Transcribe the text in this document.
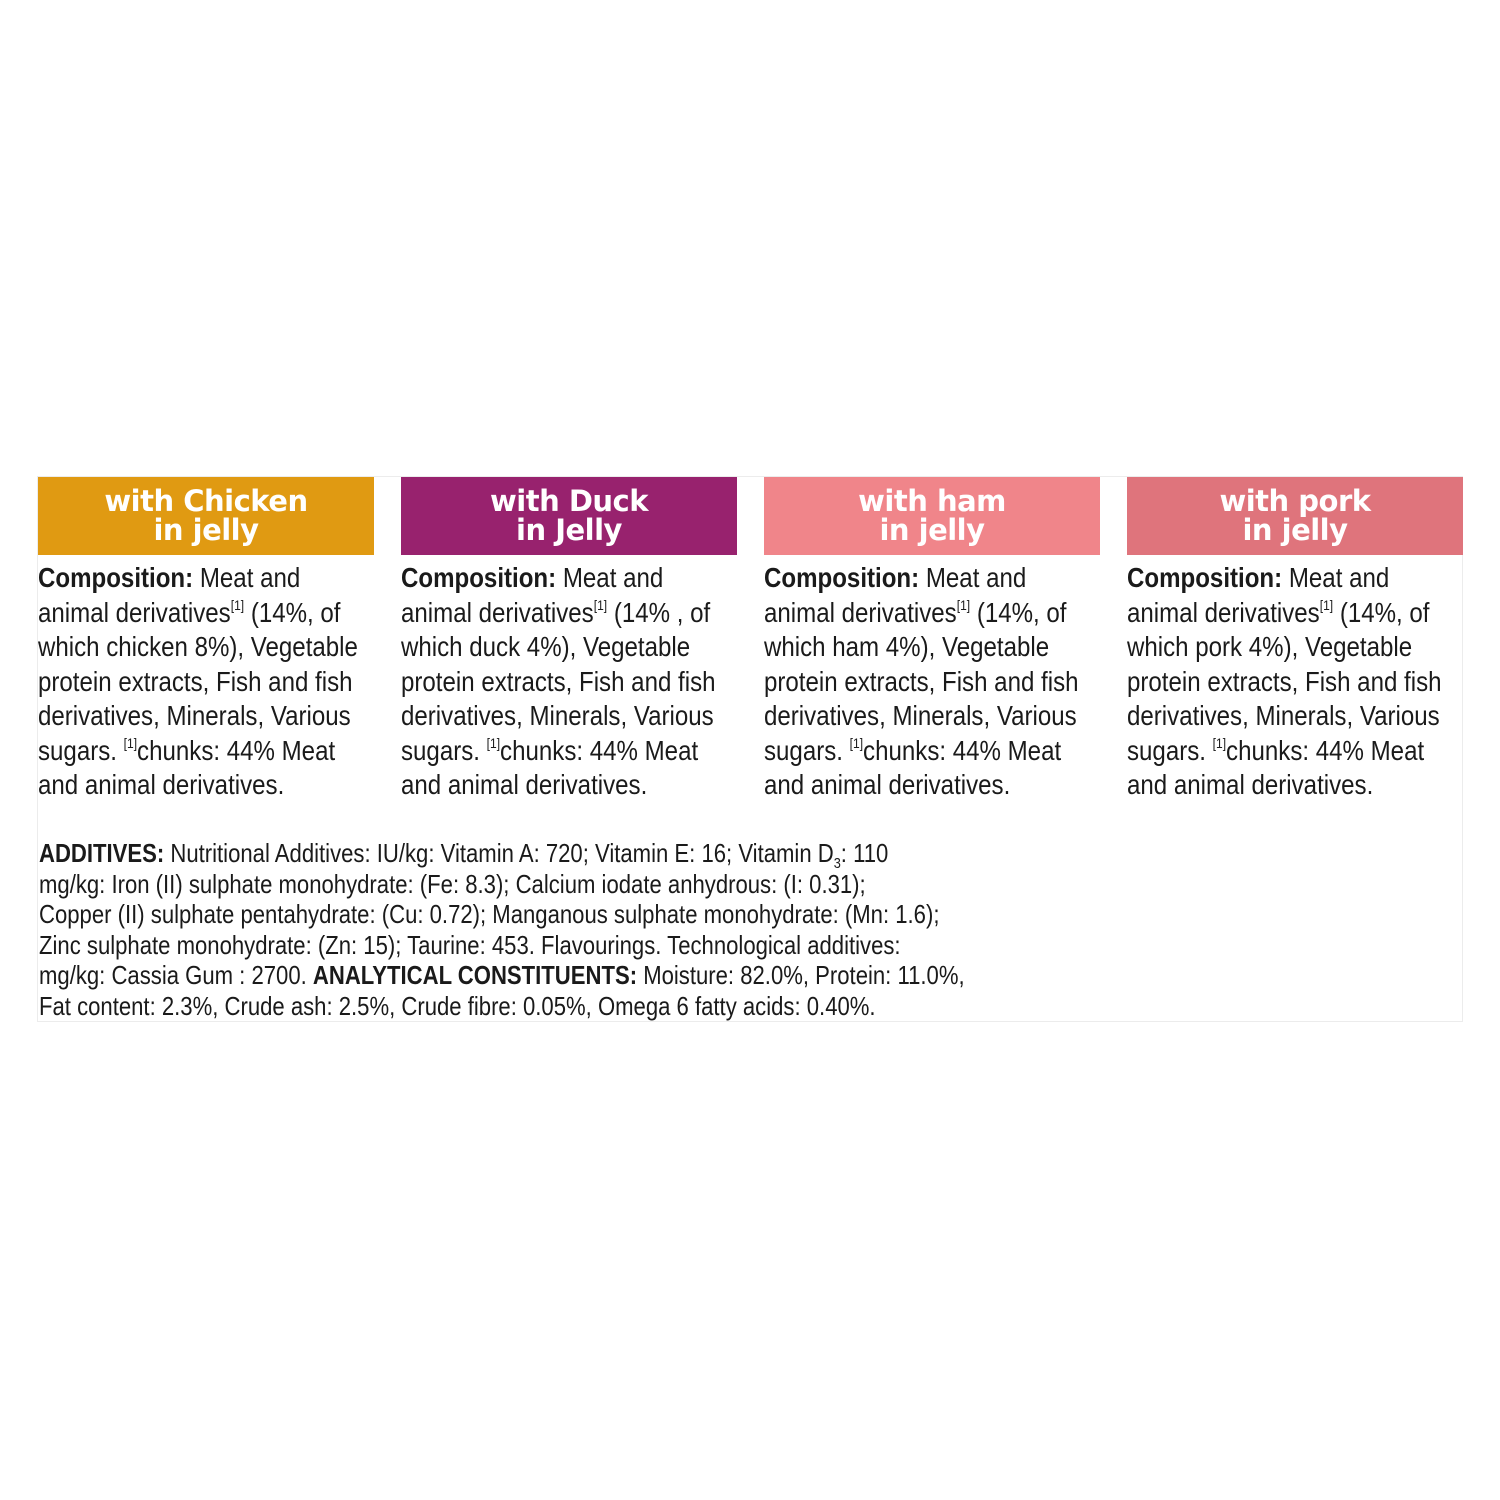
with Chicken
in jelly
Composition: Meat and animal derivatives[1] (14%, of which chicken 8%), Vegetable protein extracts, Fish and fish derivatives, Minerals, Various sugars. [1]chunks: 44% Meat and animal derivatives.
with Duck
in Jelly
Composition: Meat and animal derivatives[1] (14% , of which duck 4%), Vegetable protein extracts, Fish and fish derivatives, Minerals, Various sugars. [1]chunks: 44% Meat and animal derivatives.
with ham
in jelly
Composition: Meat and animal derivatives[1] (14%, of which ham 4%), Vegetable protein extracts, Fish and fish derivatives, Minerals, Various sugars. [1]chunks: 44% Meat and animal derivatives.
with pork
in jelly
Composition: Meat and animal derivatives[1] (14%, of which pork 4%), Vegetable protein extracts, Fish and fish derivatives, Minerals, Various sugars. [1]chunks: 44% Meat and animal derivatives.
ADDITIVES: Nutritional Additives: IU/kg: Vitamin A: 720; Vitamin E: 16; Vitamin $D_3$: 110
mg/kg: Iron (II) sulphate monohydrate: (Fe: 8.3); Calcium iodate anhydrous: (I: 0.31);
Copper (II) sulphate pentahydrate: (Cu: 0.72); Manganous sulphate monohydrate: (Mn: 1.6);
Zinc sulphate monohydrate: (Zn: 15); Taurine: 453. Flavourings. Technological additives:
mg/kg: Cassia Gum : 2700. ANALYTICAL CONSTITUENTS: Moisture: 82.0%, Protein: 11.0%,
Fat content: 2.3%, Crude ash: 2.5%, Crude fibre: 0.05%, Omega 6 fatty acids: 0.40%.
